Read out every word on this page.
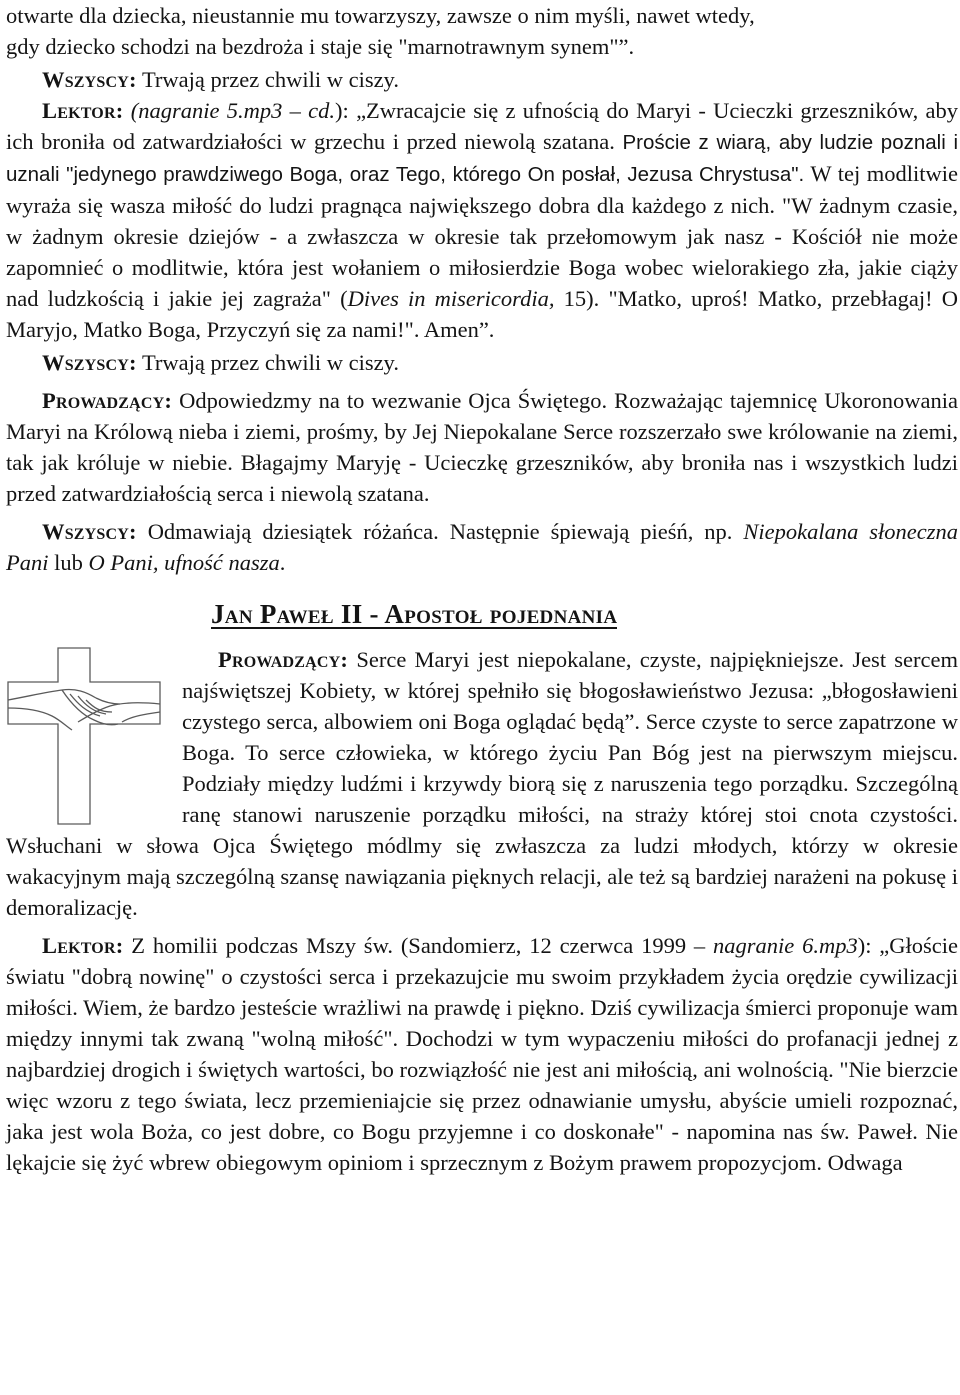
otwarte dla dziecka, nieustannie mu towarzyszy, zawsze o nim myśli, nawet wtedy,
gdy dziecko schodzi na bezdroża i staje się "marnotrawnym synem"”.

Wszyscy: Trwają przez chwili w ciszy.

Lektor: (nagranie 5.mp3 – cd.): „Zwracajcie się z ufnością do Maryi - Ucieczki grzeszników, aby ich broniła od zatwardziałości w grzechu i przed niewolą szatana. Proście z wiarą, aby ludzie poznali i uznali "jedynego prawdziwego Boga, oraz Tego, którego On posłał, Jezusa Chrystusa". W tej modlitwie wyraża się wasza miłość do ludzi pragnąca największego dobra dla każdego z nich. "W żadnym czasie, w żadnym okresie dziejów - a zwłaszcza w okresie tak przełomowym jak nasz - Kościół nie może zapomnieć o modlitwie, która jest wołaniem o miłosierdzie Boga wobec wielorakiego zła, jakie ciąży nad ludzkością i jakie jej zagraża" (Dives in misericordia, 15). "Matko, uproś! Matko, przebłagaj! O Maryjo, Matko Boga, Przyczyń się za nami!". Amen”.

Wszyscy: Trwają przez chwili w ciszy.

Prowadzący: Odpowiedzmy na to wezwanie Ojca Świętego. Rozważając tajemnicę Ukoronowania Maryi na Królową nieba i ziemi, prośmy, by Jej Niepokalane Serce rozszerzało swe królowanie na ziemi, tak jak króluje w niebie. Błagajmy Maryję - Ucieczkę grzeszników, aby broniła nas i wszystkich ludzi przed zatwardziałością serca i niewolą szatana.

Wszyscy: Odmawiają dziesiątek różańca. Następnie śpiewają pieśń, np. Niepokalana słoneczna Pani lub O Pani, ufność nasza.

Jan Paweł II - Apostoł pojednania

Prowadzący: Serce Maryi jest niepokalane, czyste, najpiękniejsze. Jest sercem najświętszej Kobiety, w której spełniło się błogosławieństwo Jezusa: „błogosławieni czystego serca, albowiem oni Boga oglądać będą”. Serce czyste to serce zapatrzone w Boga. To serce człowieka, w którego życiu Pan Bóg jest na pierwszym miejscu. Podziały między ludźmi i krzywdy biorą się z naruszenia tego porządku. Szczególną ranę stanowi naruszenie porządku miłości, na straży której stoi cnota czystości. Wsłuchani w słowa Ojca Świętego módlmy się zwłaszcza za ludzi młodych, którzy w okresie wakacyjnym mają szczególną szansę nawiązania pięknych relacji, ale też są bardziej narażeni na pokusę i demoralizację.

Lektor: Z homilii podczas Mszy św. (Sandomierz, 12 czerwca 1999 – nagranie 6.mp3): „Głoście światu "dobrą nowinę" o czystości serca i przekazujcie mu swoim przykładem życia orędzie cywilizacji miłości. Wiem, że bardzo jesteście wrażliwi na prawdę i piękno. Dziś cywilizacja śmierci proponuje wam między innymi tak zwaną "wolną miłość". Dochodzi w tym wypaczeniu miłości do profanacji jednej z najbardziej drogich i świętych wartości, bo rozwiązłość nie jest ani miłością, ani wolnością. "Nie bierzcie więc wzoru z tego świata, lecz przemieniajcie się przez odnawianie umysłu, abyście umieli rozpoznać, jaka jest wola Boża, co jest dobre, co Bogu przyjemne i co doskonałe" - napomina nas św. Paweł. Nie lękajcie się żyć wbrew obiegowym opiniom i sprzecznym z Bożym prawem propozycjom. Odwaga
